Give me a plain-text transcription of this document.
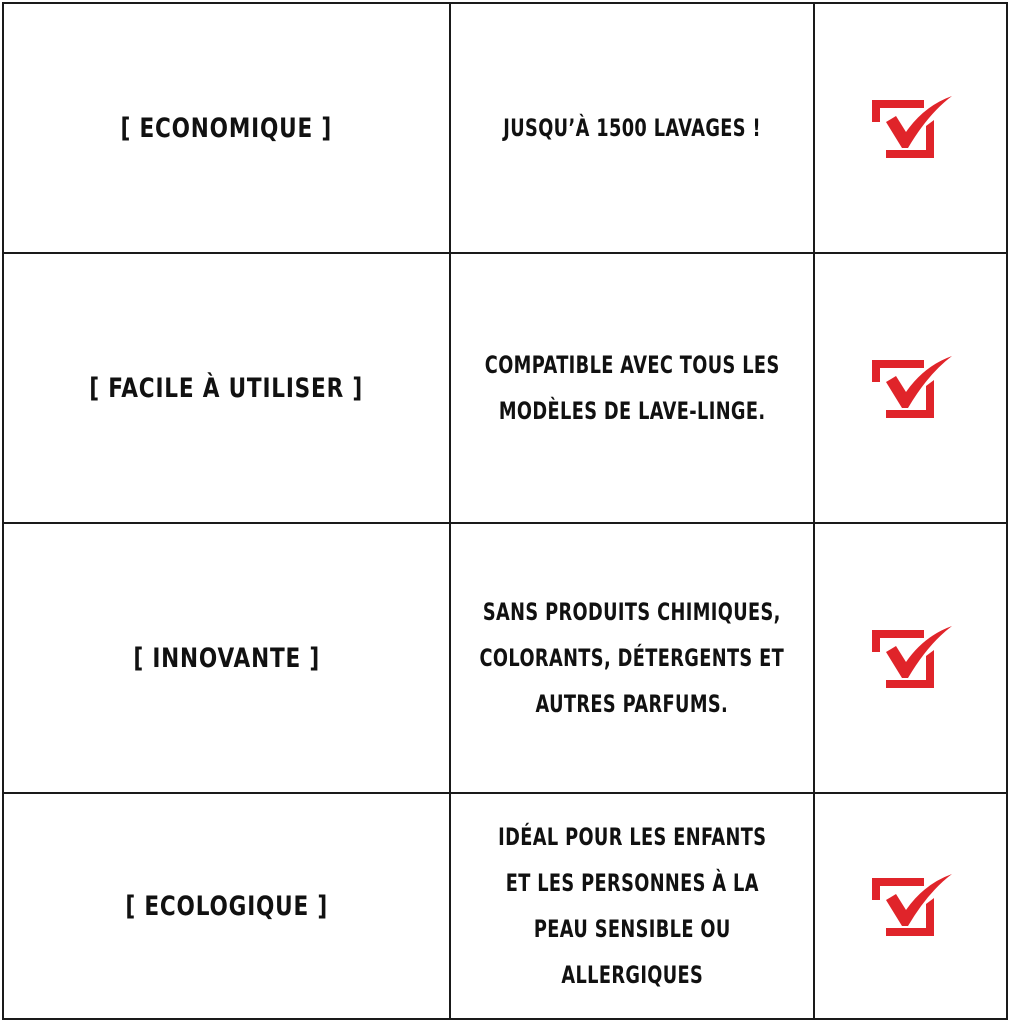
[ ECONOMIQUE ]	JUSQU’À 1500 LAVAGES !
[ FACILE À UTILISER ]
COMPATIBLE AVEC TOUS LES
MODÈLES DE LAVE-LINGE.
[ INNOVANTE ]
SANS PRODUITS CHIMIQUES,
COLORANTS, DÉTERGENTS ET
AUTRES PARFUMS.
[ ECOLOGIQUE ]
IDÉAL POUR LES ENFANTS
ET LES PERSONNES À LA
PEAU SENSIBLE OU
ALLERGIQUES
